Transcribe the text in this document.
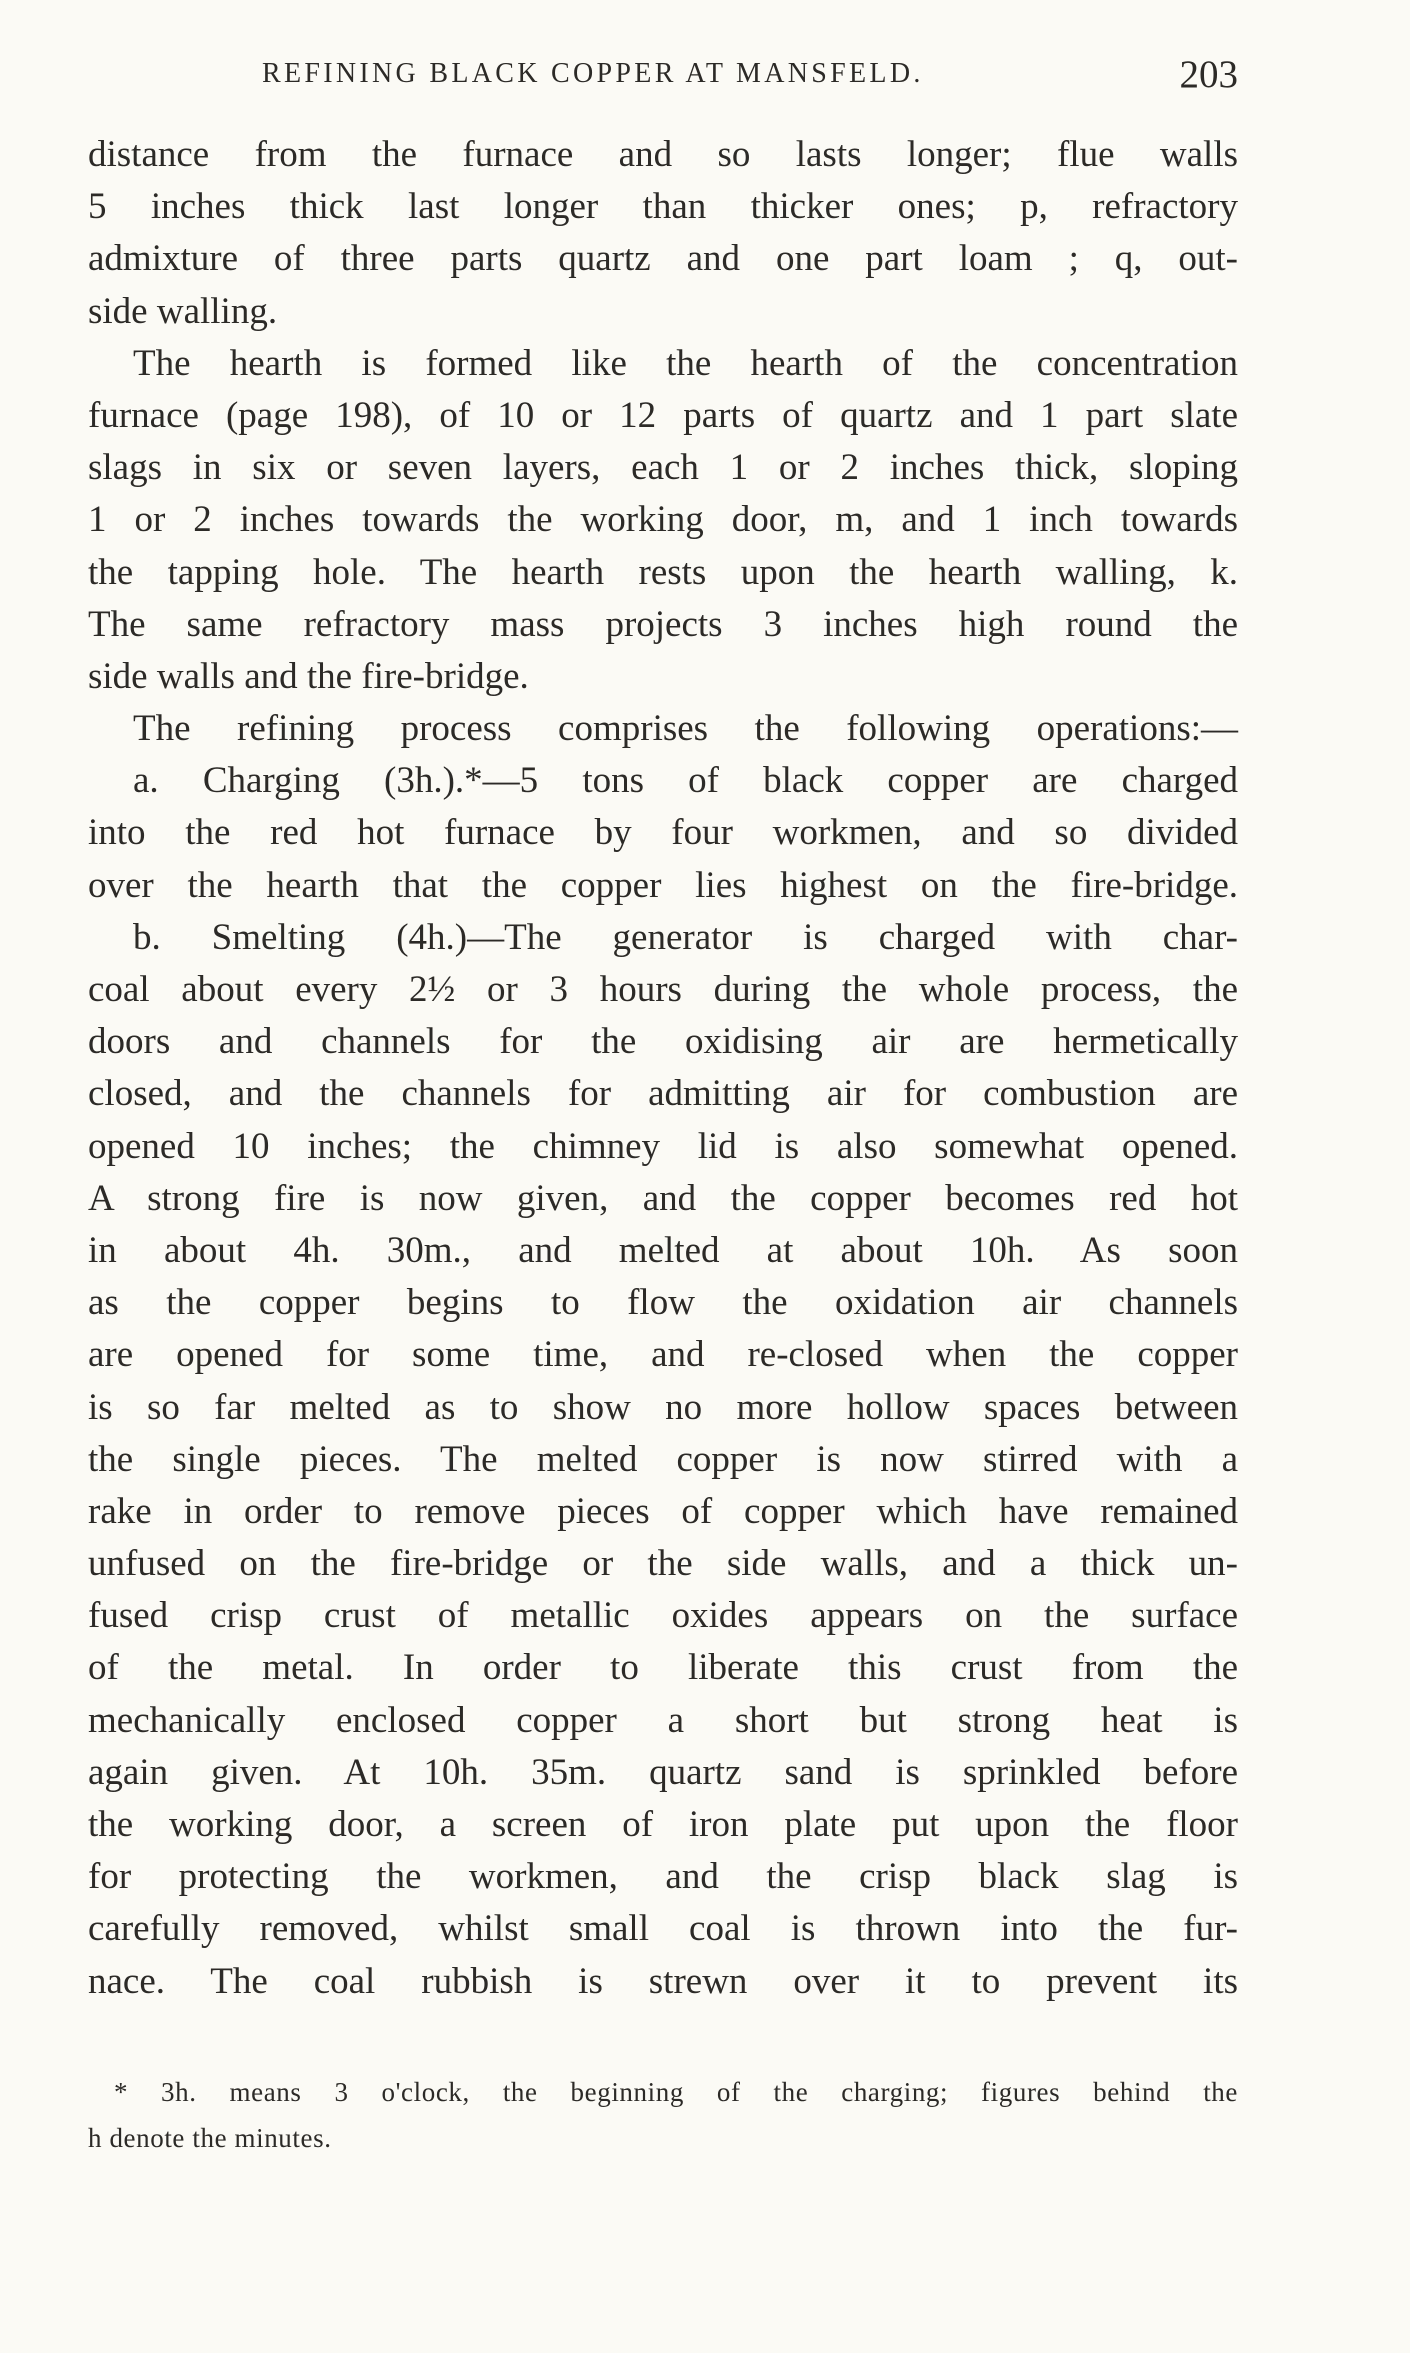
REFINING BLACK COPPER AT MANSFELD.	203
distance from the furnace and so lasts longer; flue walls
5 inches thick last longer than thicker ones; p, refractory
admixture of three parts quartz and one part loam ; q, out-
side walling.
The hearth is formed like the hearth of the concentration
furnace (page 198), of 10 or 12 parts of quartz and 1 part slate
slags in six or seven layers, each 1 or 2 inches thick, sloping
1 or 2 inches towards the working door, m, and 1 inch towards
the tapping hole. The hearth rests upon the hearth walling, k.
The same refractory mass projects 3 inches high round the
side walls and the fire-bridge.
The refining process comprises the following operations:—
a. Charging (3h.).*—5 tons of black copper are charged
into the red hot furnace by four workmen, and so divided
over the hearth that the copper lies highest on the fire-bridge.
b. Smelting (4h.)—The generator is charged with char-
coal about every 2½ or 3 hours during the whole process, the
doors and channels for the oxidising air are hermetically
closed, and the channels for admitting air for combustion are
opened 10 inches; the chimney lid is also somewhat opened.
A strong fire is now given, and the copper becomes red hot
in about 4h. 30m., and melted at about 10h. As soon
as the copper begins to flow the oxidation air channels
are opened for some time, and re-closed when the copper
is so far melted as to show no more hollow spaces between
the single pieces. The melted copper is now stirred with a
rake in order to remove pieces of copper which have remained
unfused on the fire-bridge or the side walls, and a thick un-
fused crisp crust of metallic oxides appears on the surface
of the metal. In order to liberate this crust from the
mechanically enclosed copper a short but strong heat is
again given. At 10h. 35m. quartz sand is sprinkled before
the working door, a screen of iron plate put upon the floor
for protecting the workmen, and the crisp black slag is
carefully removed, whilst small coal is thrown into the fur-
nace. The coal rubbish is strewn over it to prevent its
* 3h. means 3 o'clock, the beginning of the charging; figures behind the
h denote the minutes.
